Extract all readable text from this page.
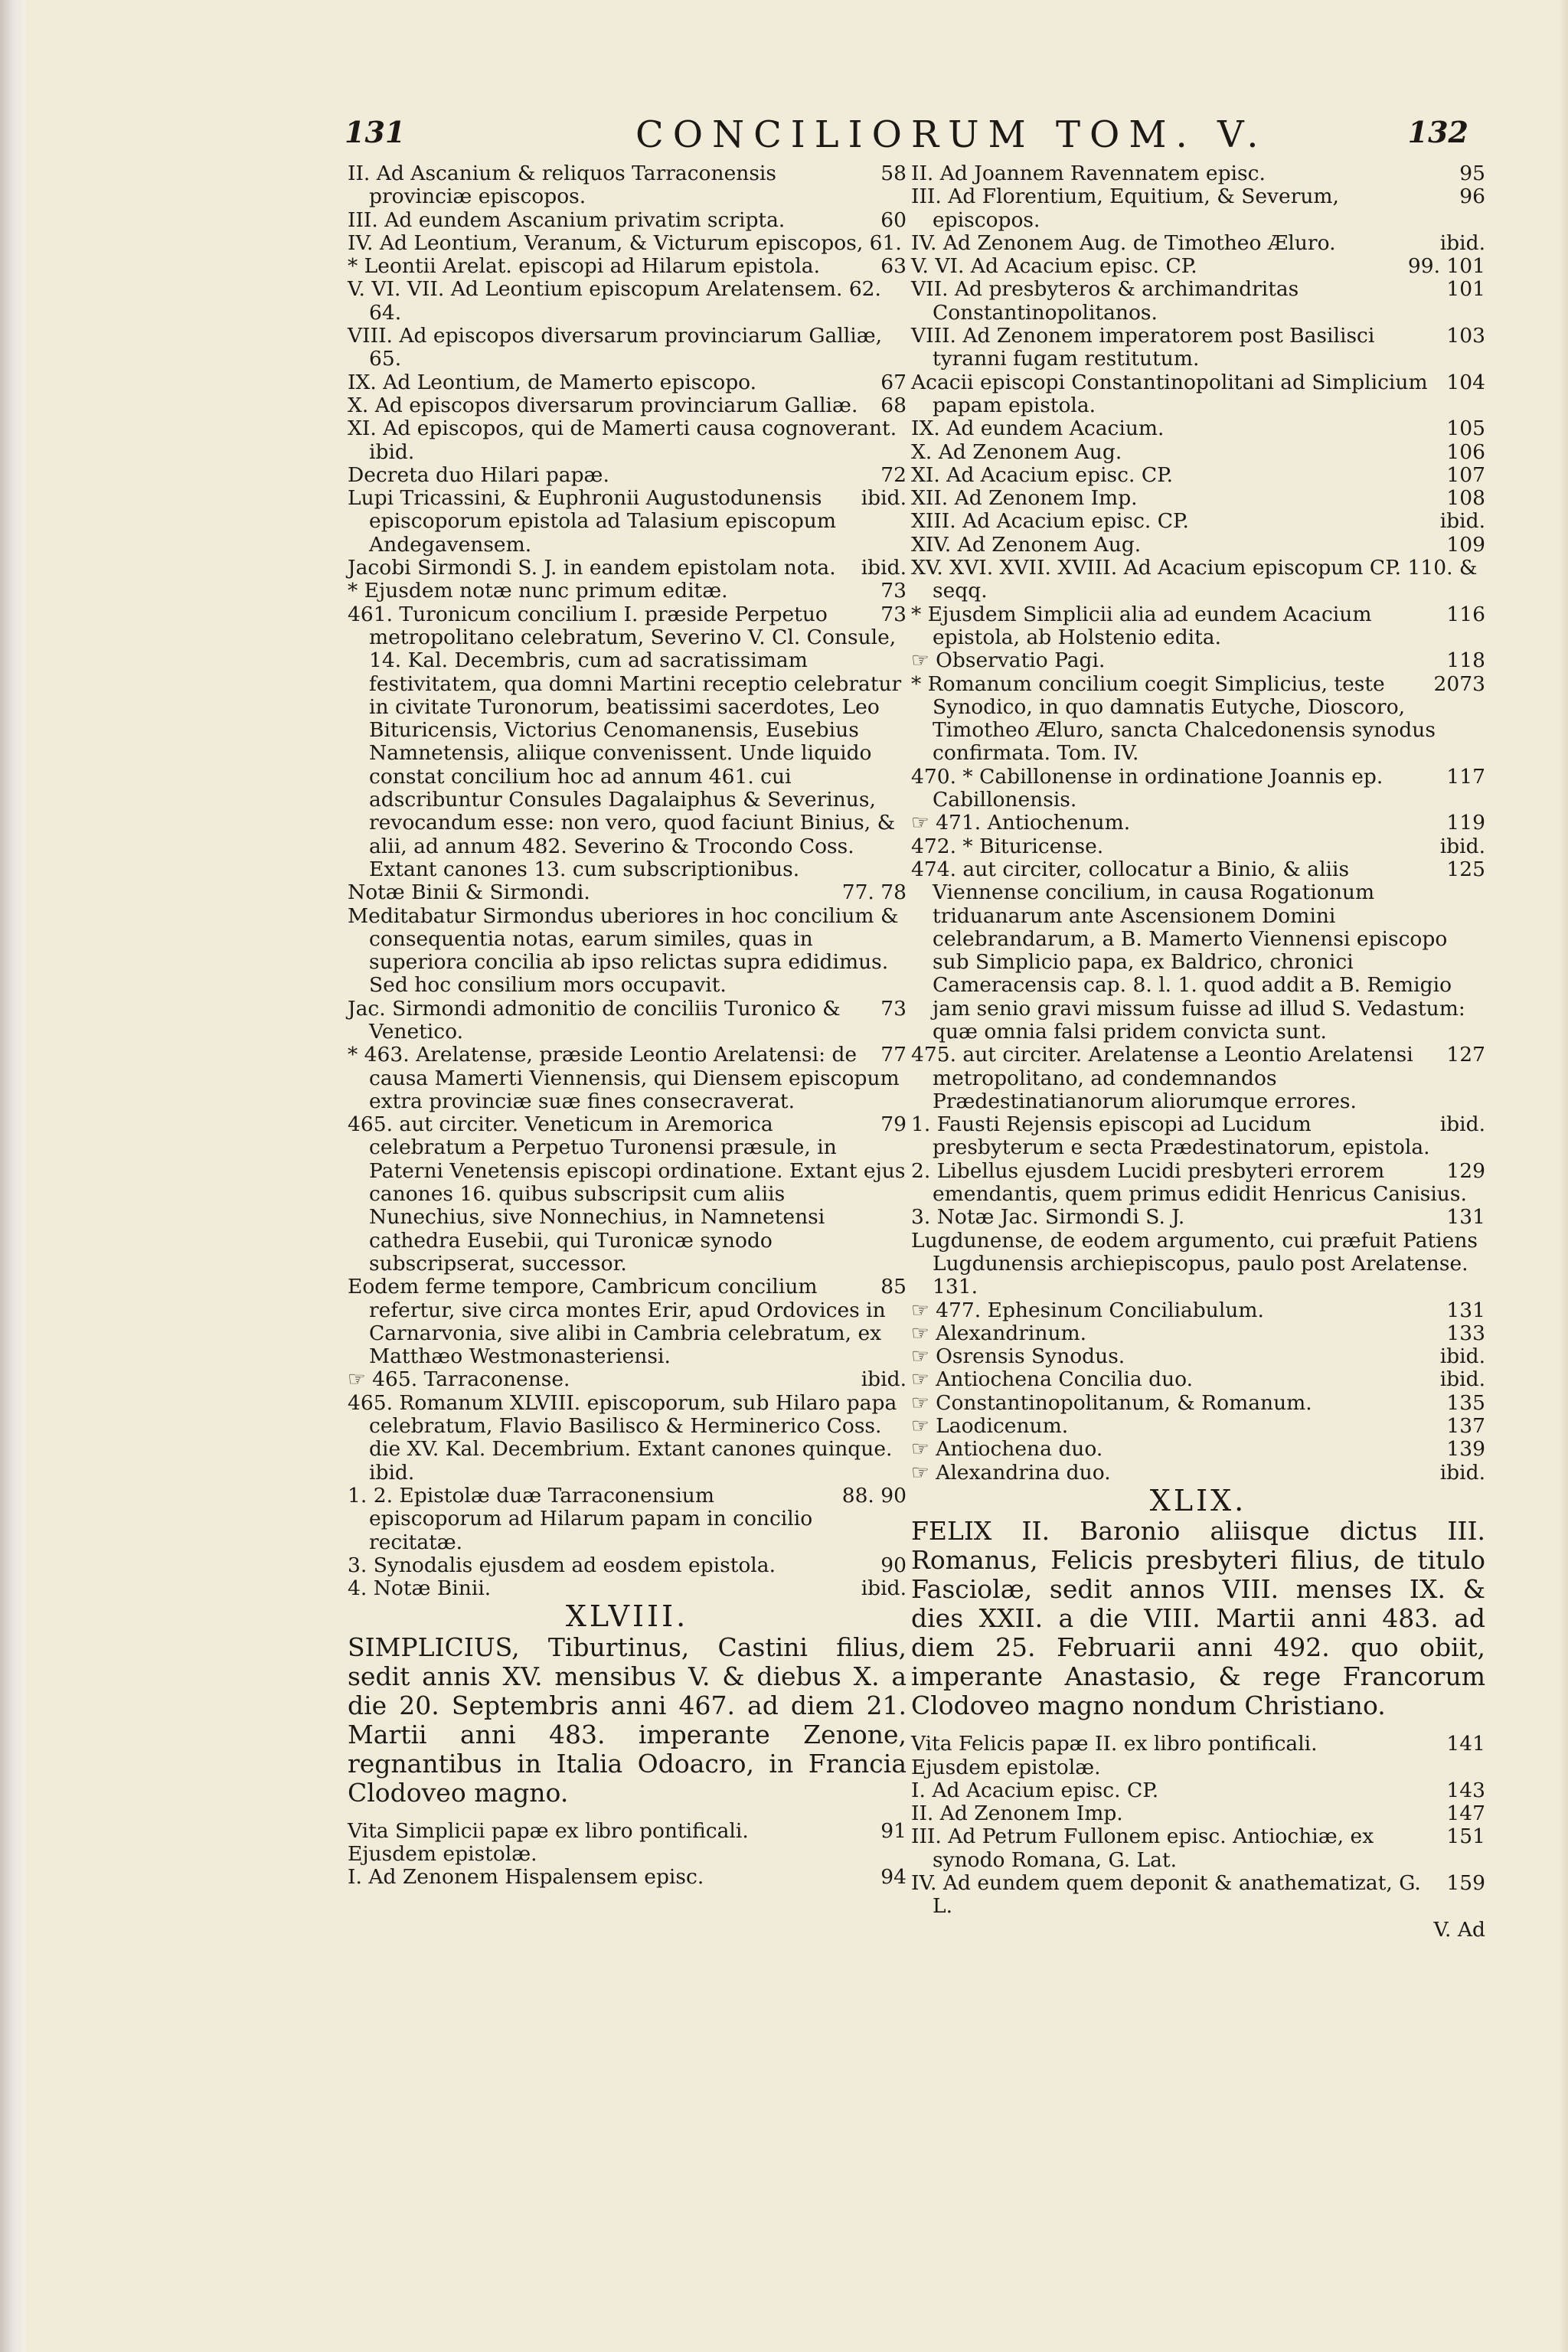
131	CONCILIORUM TOM. V.	132

58
II. Ad Ascanium & reliquos Tarraconensis provinciæ episcopos.

60
III. Ad eundem Ascanium privatim scripta.

IV. Ad Leontium, Veranum, & Victurum episcopos, 61.

63
* Leontii Arelat. episcopi ad Hilarum epistola.

V. VI. VII. Ad Leontium episcopum Arelatensem. 62. 64.

VIII. Ad episcopos diversarum provinciarum Galliæ, 65.

67
IX. Ad Leontium, de Mamerto episcopo.

68
X. Ad episcopos diversarum provinciarum Galliæ.

XI. Ad episcopos, qui de Mamerti causa cognoverant. ibid.

72
Decreta duo Hilari papæ.

ibid.
Lupi Tricassini, & Euphronii Augustodunensis episcoporum epistola ad Talasium episcopum Andegavensem.

ibid.
Jacobi Sirmondi S. J. in eandem epistolam nota.

73
* Ejusdem notæ nunc primum editæ.

73
461. Turonicum concilium I. præside Perpetuo metropolitano celebratum, Severino V. Cl. Consule, 14. Kal. Decembris, cum ad sacratissimam festivitatem, qua domni Martini receptio celebratur in civitate Turonorum, beatissimi sacerdotes, Leo Bituricensis, Victorius Cenomanensis, Eusebius Namnetensis, aliique convenissent. Unde liquido constat concilium hoc ad annum 461. cui adscribuntur Consules Dagalaiphus & Severinus, revocandum esse: non vero, quod faciunt Binius, & alii, ad annum 482. Severino & Trocondo Coss. Extant canones 13. cum subscriptionibus.

77. 78
Notæ Binii & Sirmondi.

Meditabatur Sirmondus uberiores in hoc concilium & consequentia notas, earum similes, quas in superiora concilia ab ipso relictas supra edidimus. Sed hoc consilium mors occupavit.

73
Jac. Sirmondi admonitio de conciliis Turonico & Venetico.

77
* 463. Arelatense, præside Leontio Arelatensi: de causa Mamerti Viennensis, qui Diensem episcopum extra provinciæ suæ fines consecraverat.

79
465. aut circiter. Veneticum in Aremorica celebratum a Perpetuo Turonensi præsule, in Paterni Venetensis episcopi ordinatione. Extant ejus canones 16. quibus subscripsit cum aliis Nunechius, sive Nonnechius, in Namnetensi cathedra Eusebii, qui Turonicæ synodo subscripserat, successor.

85
Eodem ferme tempore, Cambricum concilium refertur, sive circa montes Erir, apud Ordovices in Carnarvonia, sive alibi in Cambria celebratum, ex Matthæo Westmonasteriensi.

ibid.
☞ 465. Tarraconense.

465. Romanum XLVIII. episcoporum, sub Hilaro papa celebratum, Flavio Basilisco & Herminerico Coss. die XV. Kal. Decembrium. Extant canones quinque. ibid.

88. 90
1. 2. Epistolæ duæ Tarraconensium episcoporum ad Hilarum papam in concilio recitatæ.

90
3. Synodalis ejusdem ad eosdem epistola.

ibid.
4. Notæ Binii.

XLVIII.

SIMPLICIUS, Tiburtinus, Castini filius, sedit annis XV. mensibus V. & diebus X. a die 20. Septembris anni 467. ad diem 21. Martii anni 483. imperante Zenone, regnantibus in Italia Odoacro, in Francia Clodoveo magno.

91
Vita Simplicii papæ ex libro pontificali.

Ejusdem epistolæ.

94
I. Ad Zenonem Hispalensem episc.

95
II. Ad Joannem Ravennatem episc.

96
III. Ad Florentium, Equitium, & Severum, episcopos.

ibid.
IV. Ad Zenonem Aug. de Timotheo Æluro.

99. 101
V. VI. Ad Acacium episc. CP.

101
VII. Ad presbyteros & archimandritas Constantinopolitanos.

103
VIII. Ad Zenonem imperatorem post Basilisci tyranni fugam restitutum.

104
Acacii episcopi Constantinopolitani ad Simplicium papam epistola.

105
IX. Ad eundem Acacium.

106
X. Ad Zenonem Aug.

107
XI. Ad Acacium episc. CP.

108
XII. Ad Zenonem Imp.

ibid.
XIII. Ad Acacium episc. CP.

109
XIV. Ad Zenonem Aug.

XV. XVI. XVII. XVIII. Ad Acacium episcopum CP. 110. & seqq.

116
* Ejusdem Simplicii alia ad eundem Acacium epistola, ab Holstenio edita.

118
☞ Observatio Pagi.

2073
* Romanum concilium coegit Simplicius, teste Synodico, in quo damnatis Eutyche, Dioscoro, Timotheo Æluro, sancta Chalcedonensis synodus confirmata. Tom. IV.

117
470. * Cabillonense in ordinatione Joannis ep. Cabillonensis.

119
☞ 471. Antiochenum.

ibid.
472. * Bituricense.

125
474. aut circiter, collocatur a Binio, & aliis Viennense concilium, in causa Rogationum triduanarum ante Ascensionem Domini celebrandarum, a B. Mamerto Viennensi episcopo sub Simplicio papa, ex Baldrico, chronici Cameracensis cap. 8. l. 1. quod addit a B. Remigio jam senio gravi missum fuisse ad illud S. Vedastum: quæ omnia falsi pridem convicta sunt.

127
475. aut circiter. Arelatense a Leontio Arelatensi metropolitano, ad condemnandos Prædestinatianorum aliorumque errores.

ibid.
1. Fausti Rejensis episcopi ad Lucidum presbyterum e secta Prædestinatorum, epistola.

129
2. Libellus ejusdem Lucidi presbyteri errorem emendantis, quem primus edidit Henricus Canisius.

131
3. Notæ Jac. Sirmondi S. J.

Lugdunense, de eodem argumento, cui præfuit Patiens Lugdunensis archiepiscopus, paulo post Arelatense. 131.

131
☞ 477. Ephesinum Conciliabulum.

133
☞ Alexandrinum.

ibid.
☞ Osrensis Synodus.

ibid.
☞ Antiochena Concilia duo.

135
☞ Constantinopolitanum, & Romanum.

137
☞ Laodicenum.

139
☞ Antiochena duo.

ibid.
☞ Alexandrina duo.

XLIX.

FELIX II. Baronio aliisque dictus III. Romanus, Felicis presbyteri filius, de titulo Fasciolæ, sedit annos VIII. menses IX. & dies XXII. a die VIII. Martii anni 483. ad diem 25. Februarii anni 492. quo obiit, imperante Anastasio, & rege Francorum Clodoveo magno nondum Christiano.

141
Vita Felicis papæ II. ex libro pontificali.

Ejusdem epistolæ.

143
I. Ad Acacium episc. CP.

147
II. Ad Zenonem Imp.

151
III. Ad Petrum Fullonem episc. Antiochiæ, ex synodo Romana, G. Lat.

159
IV. Ad eundem quem deponit & anathematizat, G. L.

V. Ad
